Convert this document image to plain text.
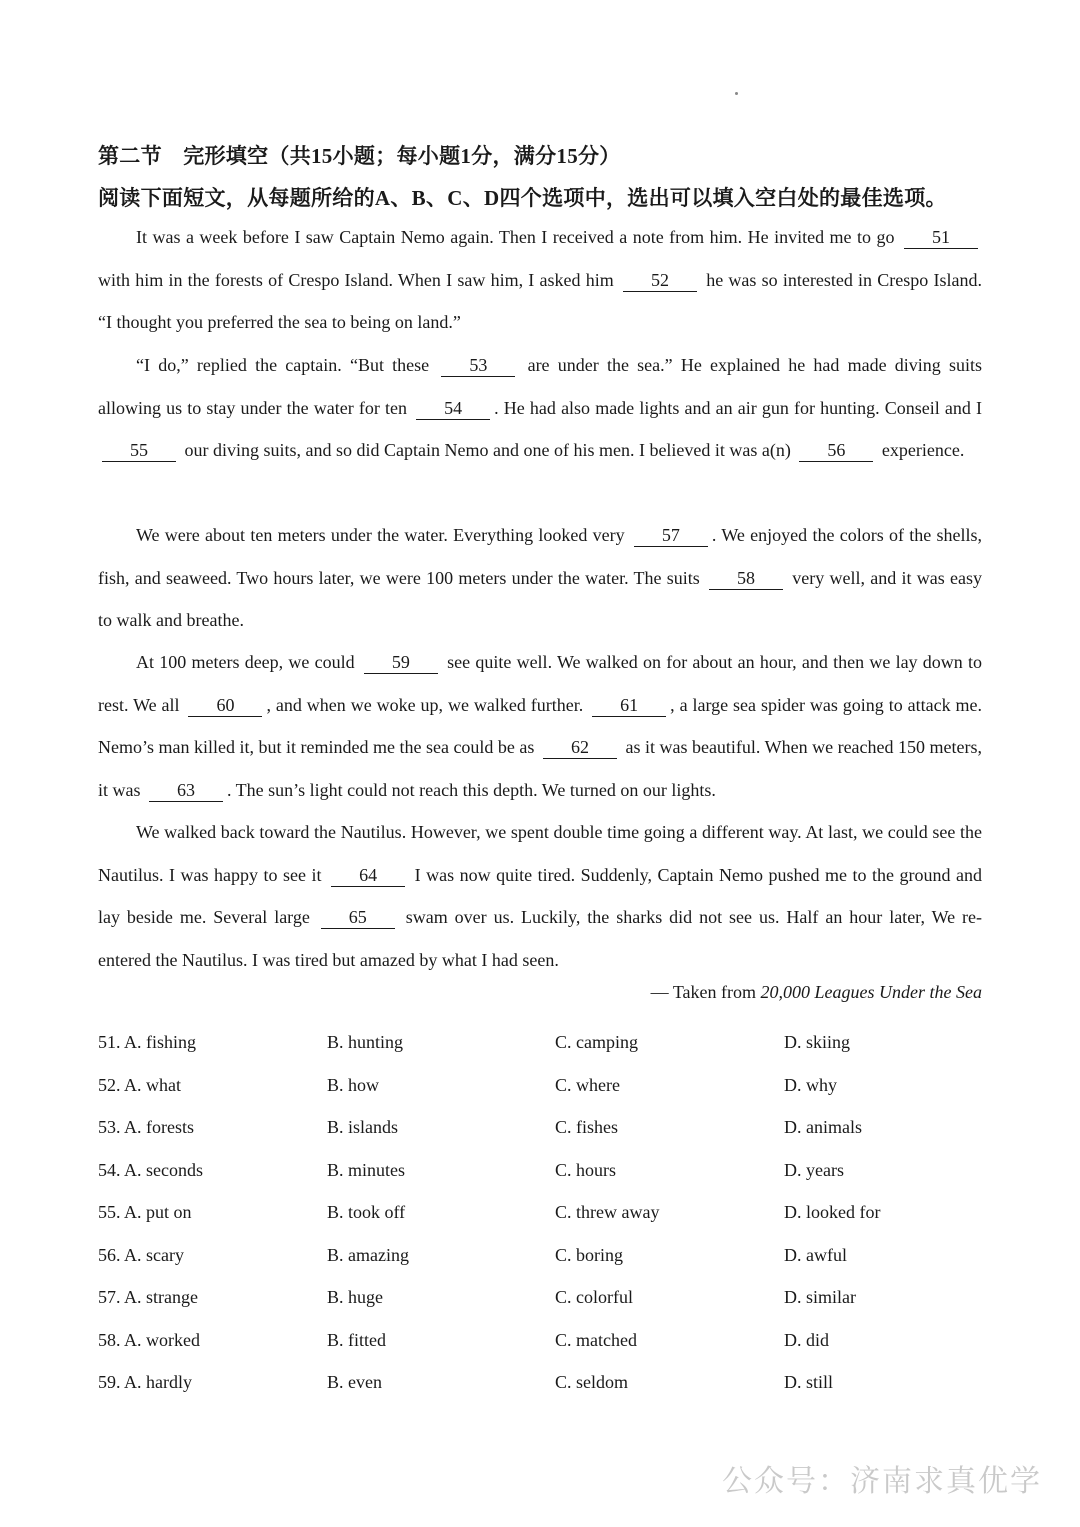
第二节　完形填空（共15小题；每小题1分，满分15分）
阅读下面短文，从每题所给的A、B、C、D四个选项中，选出可以填入空白处的最佳选项。

It was a week before I saw Captain Nemo again. Then I received a note from him. He invited me to go 51 with him in the forests of Crespo Island. When I saw him, I asked him 52 he was so interested in Crespo Island. “I thought you preferred the sea to being on land.”

“I do,” replied the captain. “But these 53 are under the sea.” He explained he had made diving suits allowing us to stay under the water for ten 54 . He had also made lights and an air gun for hunting. Conseil and I 55 our diving suits, and so did Captain Nemo and one of his men. I believed it was a(n) 56 experience.

We were about ten meters under the water. Everything looked very 57 . We enjoyed the colors of the shells, fish, and seaweed. Two hours later, we were 100 meters under the water. The suits 58 very well, and it was easy to walk and breathe.

At 100 meters deep, we could 59 see quite well. We walked on for about an hour, and then we lay down to rest. We all 60 , and when we woke up, we walked further. 61 , a large sea spider was going to attack me. Nemo’s man killed it, but it reminded me the sea could be as 62 as it was beautiful. When we reached 150 meters, it was 63 . The sun’s light could not reach this depth. We turned on our lights.

We walked back toward the Nautilus. However, we spent double time going a different way. At last, we could see the Nautilus. I was happy to see it 64 I was now quite tired. Suddenly, Captain Nemo pushed me to the ground and lay beside me. Several large 65 swam over us. Luckily, the sharks did not see us. Half an hour later, We re-entered the Nautilus. I was tired but amazed by what I had seen.

— Taken from 20,000 Leagues Under the Sea
51. A. fishing	B. hunting	C. camping	D. skiing
52. A. what	B. how	C. where	D. why
53. A. forests	B. islands	C. fishes	D. animals
54. A. seconds	B. minutes	C. hours	D. years
55. A. put on	B. took off	C. threw away	D. looked for
56. A. scary	B. amazing	C. boring	D. awful
57. A. strange	B. huge	C. colorful	D. similar
58. A. worked	B. fitted	C. matched	D. did
59. A. hardly	B. even	C. seldom	D. still
公众号：济南求真优学
